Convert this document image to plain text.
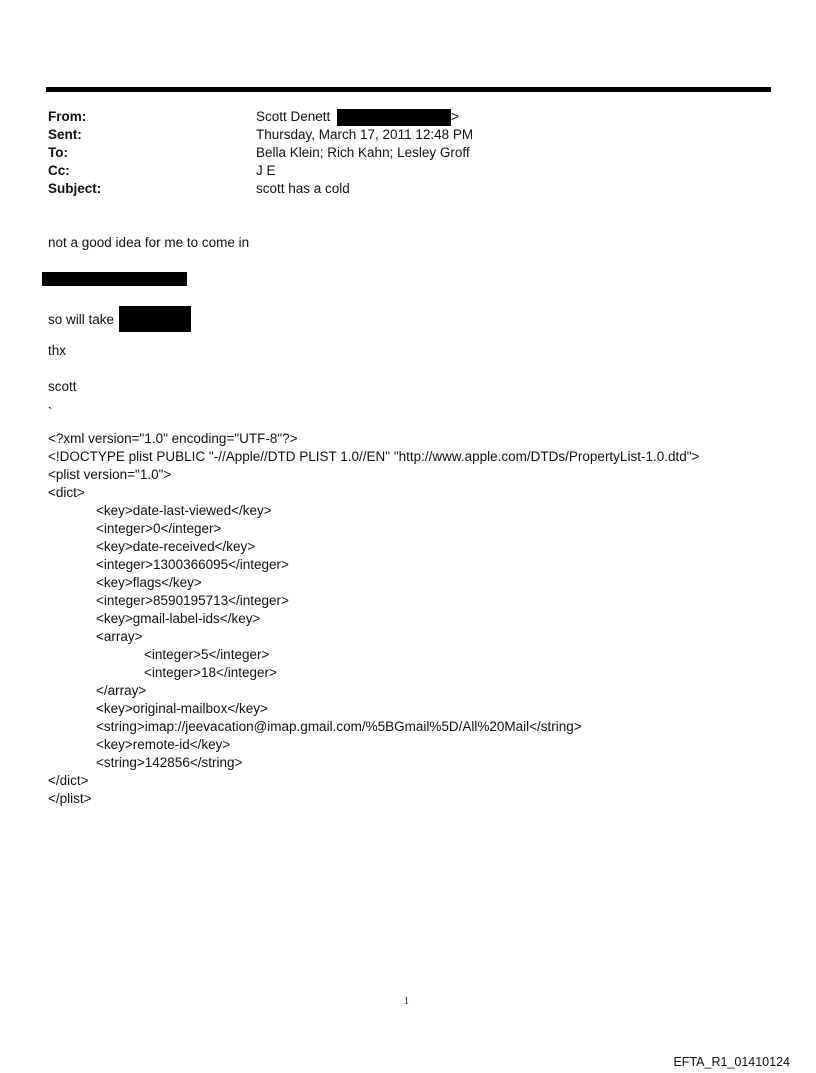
From:	Scott Denett	>
Sent:	Thursday, March 17, 2011 12:48 PM
To:	Bella Klein; Rich Kahn; Lesley Groff
Cc:	J E
Subject:	scott has a cold
not a good idea for me to come in
so will take
thx
scott
`
<?xml version="1.0" encoding="UTF-8"?>
<!DOCTYPE plist PUBLIC "-//Apple//DTD PLIST 1.0//EN" "http://www.apple.com/DTDs/PropertyList-1.0.dtd">
<plist version="1.0">
<dict>
<key>date-last-viewed</key>
<integer>0</integer>
<key>date-received</key>
<integer>1300366095</integer>
<key>flags</key>
<integer>8590195713</integer>
<key>gmail-label-ids</key>
<array>
<integer>5</integer>
<integer>18</integer>
</array>
<key>original-mailbox</key>
<string>imap://jeevacation@imap.gmail.com/%5BGmail%5D/All%20Mail</string>
<key>remote-id</key>
<string>142856</string>
</dict>
</plist>
1
EFTA_R1_01410124
